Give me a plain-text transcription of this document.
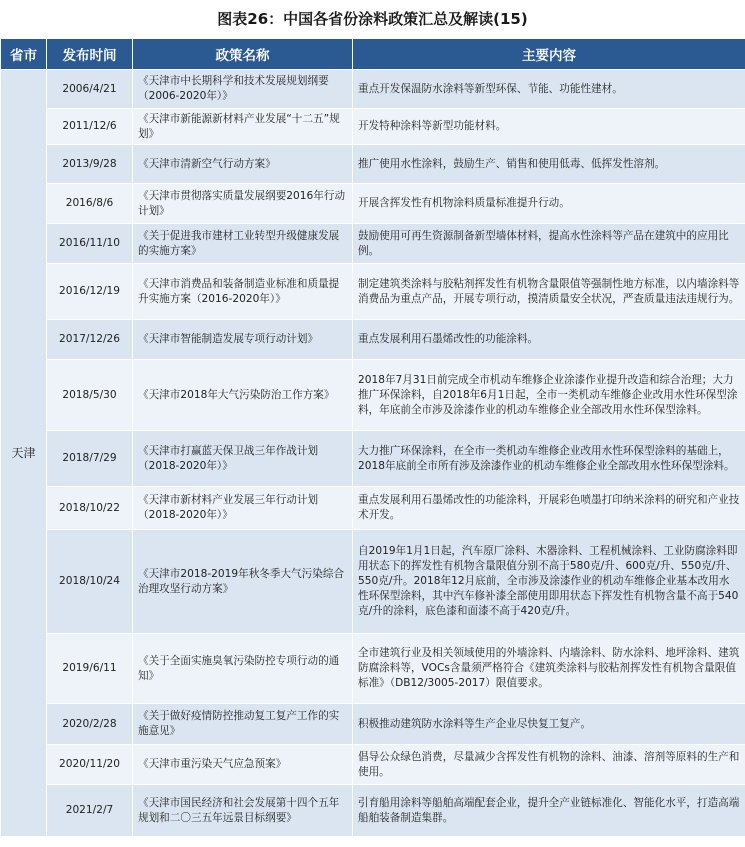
图表26：中国各省份涂料政策汇总及解读(15)
省市	发布时间	政策名称	主要内容
天津	2006/4/21	《天津市中长期科学和技术发展规划纲要（2006-2020年）》	重点开发保温防水涂料等新型环保、节能、功能性建材。
	2011/12/6	《天津市新能源新材料产业发展“十二五”规划》	开发特种涂料等新型功能材料。
	2013/9/28	《天津市清新空气行动方案》	推广使用水性涂料，鼓励生产、销售和使用低毒、低挥发性溶剂。
	2016/8/6	《天津市贯彻落实质量发展纲要2016年行动计划》	开展含挥发性有机物涂料质量标准提升行动。
	2016/11/10	《关于促进我市建材工业转型升级健康发展的实施方案》	鼓励使用可再生资源制备新型墙体材料，提高水性涂料等产品在建筑中的应用比例。
	2016/12/19	《天津市消费品和装备制造业标准和质量提升实施方案（2016-2020年）》	制定建筑类涂料与胶粘剂挥发性有机物含量限值等强制性地方标准，以内墙涂料等消费品为重点产品，开展专项行动，摸清质量安全状况，严查质量违法违规行为。
	2017/12/26	《天津市智能制造发展专项行动计划》	重点发展利用石墨烯改性的功能涂料。
	2018/5/30	《天津市2018年大气污染防治工作方案》	2018年7月31日前完成全市机动车维修企业涂漆作业提升改造和综合治理；大力推广环保涂料，自2018年6月1日起，全市一类机动车维修企业改用水性环保型涂料，年底前全市涉及涂漆作业的机动车维修企业全部改用水性环保型涂料。
	2018/7/29	《天津市打赢蓝天保卫战三年作战计划（2018-2020年）》	大力推广环保涂料，在全市一类机动车维修企业改用水性环保型涂料的基础上，2018年底前全市所有涉及涂漆作业的机动车维修企业全部改用水性环保型涂料。
	2018/10/22	《天津市新材料产业发展三年行动计划（2018-2020年）》	重点发展利用石墨烯改性的功能涂料，开展彩色喷墨打印纳米涂料的研究和产业技术开发。
	2018/10/24	《天津市2018-2019年秋冬季大气污染综合治理攻坚行动方案》	自2019年1月1日起，汽车原厂涂料、木器涂料、工程机械涂料、工业防腐涂料即用状态下的挥发性有机物含量限值分别不高于580克/升、600克/升、550克/升、550克/升。2018年12月底前，全市涉及涂漆作业的机动车维修企业基本改用水性环保型涂料，其中汽车修补漆全部使用即用状态下挥发性有机物含量不高于540克/升的涂料，底色漆和面漆不高于420克/升。
	2019/6/11	《关于全面实施臭氧污染防控专项行动的通知》	全市建筑行业及相关领域使用的外墙涂料、内墙涂料、防水涂料、地坪涂料、建筑防腐涂料等，VOCs含量须严格符合《建筑类涂料与胶粘剂挥发性有机物含量限值标准》（DB12/3005-2017）限值要求。
	2020/2/28	《关于做好疫情防控推动复工复产工作的实施意见》	积极推动建筑防水涂料等生产企业尽快复工复产。
	2020/11/20	《天津市重污染天气应急预案》	倡导公众绿色消费，尽量减少含挥发性有机物的涂料、油漆、溶剂等原料的生产和使用。
	2021/2/7	《天津市国民经济和社会发展第十四个五年规划和二〇三五年远景目标纲要》	引育船用涂料等船舶高端配套企业，提升全产业链标准化、智能化水平，打造高端船舶装备制造集群。
